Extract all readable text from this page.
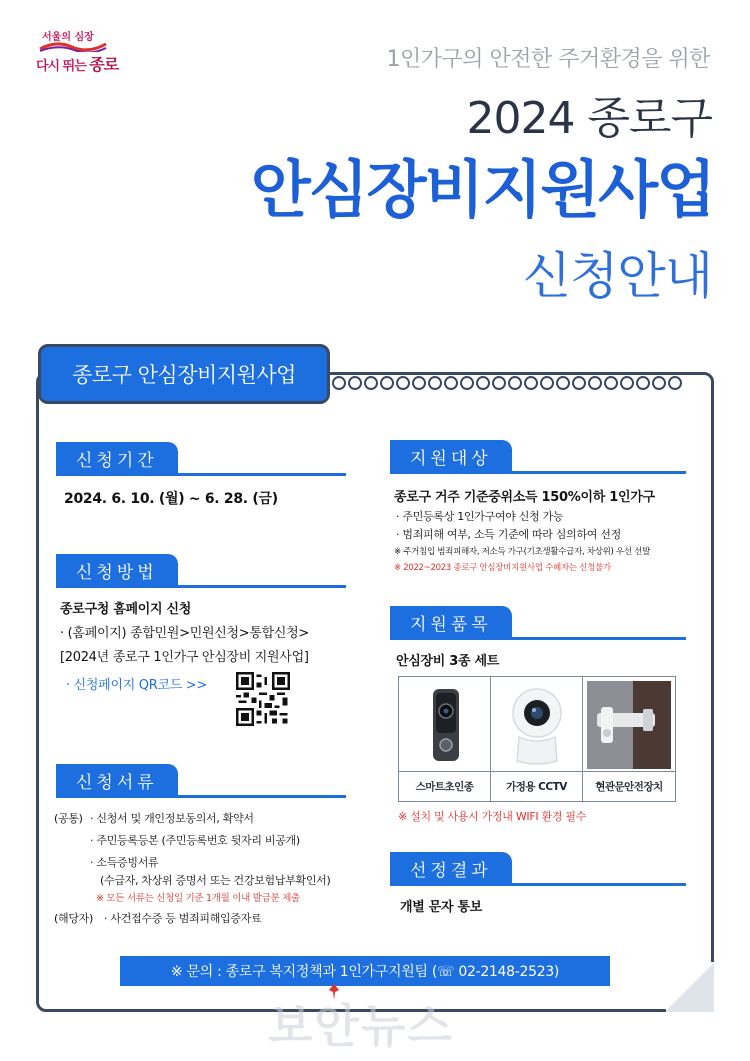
서울의 심장
다시 뛰는 종로	1인가구의 안전한 주거환경을 위한
2024 종로구
안심장비지원사업
신청안내
종로구 안심장비지원사업
신청기간
2024. 6. 10. (월) ~ 6. 28. (금)
신청방법
종로구청 홈페이지 신청
· (홈페이지) 종합민원>민원신청>통합신청>
[2024년 종로구 1인가구 안심장비 지원사업]
· 신청페이지 QR코드 >>
신청서류
(공통) · 신청서 및 개인정보동의서, 확약서
· 주민등록등본 (주민등록번호 뒷자리 비공개)
· 소득증빙서류
(수급자, 차상위 증명서 또는 건강보험납부확인서)
※ 모든 서류는 신청일 기준 1개월 이내 발급분 제출
(해당자) · 사건접수증 등 범죄피해입증자료
지원대상
종로구 거주 기준중위소득 150%이하 1인가구
· 주민등록상 1인가구여야 신청 가능
· 범죄피해 여부, 소득 기준에 따라 심의하여 선정
※ 주거침입 범죄피해자, 저소득 가구(기초생활수급자, 차상위) 우선 선발
※ 2022~2023 종로구 안심장비지원사업 수혜자는 신청불가
지원품목
안심장비 3종 세트
스마트초인종	가정용 CCTV	현관문안전장치
※ 설치 및 사용시 가정내 WIFI 환경 필수
선정결과
개별 문자 통보
※ 문의 : 종로구 복지정책과 1인가구지원팀 (☏ 02-2148-2523)
보안뉴스
